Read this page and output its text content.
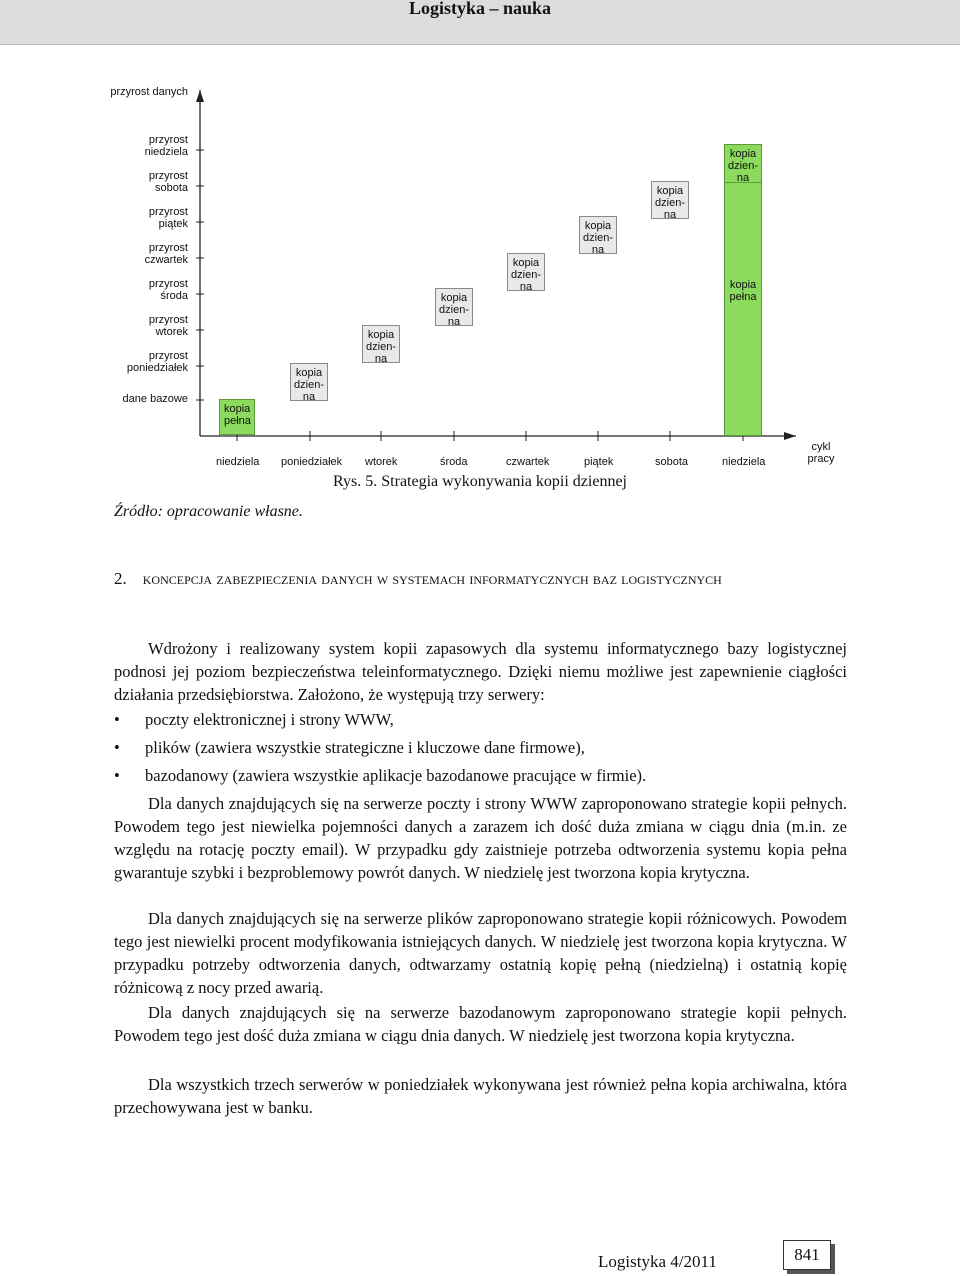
Logistyka – nauka
przyrost danych
przyrost
niedziela
przyrost
sobota
przyrost
piątek
przyrost
czwartek
przyrost
środa
przyrost
wtorek
przyrost
poniedziałek
dane bazowe
kopia
pełna
kopia
dzien-
na
kopia
dzien-
na
kopia
dzien-
na
kopia
dzien-
na
kopia
dzien-
na
kopia
dzien-
na
kopia
dzien-
na
kopia
pełna
niedziela poniedziałek wtorek	środa	czwartek	piątek	sobota	niedziela
cykl pracy
Rys. 5. Strategia wykonywania kopii dziennej
Źródło: opracowanie własne.
2. koncepcja zabezpieczenia danych w systemach informatycznych baz logistycznych
Wdrożony i realizowany system kopii zapasowych dla systemu informatycznego bazy logistycznej podnosi jej poziom bezpieczeństwa teleinformatycznego. Dzięki niemu możliwe jest zapewnienie ciągłości działania przedsiębiorstwa. Założono, że występują trzy serwery:
• poczty elektronicznej i strony WWW,
• plików (zawiera wszystkie strategiczne i kluczowe dane firmowe),
• bazodanowy (zawiera wszystkie aplikacje bazodanowe pracujące w firmie).
Dla danych znajdujących się na serwerze poczty i strony WWW zaproponowano strategie kopii pełnych. Powodem tego jest niewielka pojemności danych a zarazem ich dość duża zmiana w ciągu dnia (m.in. ze względu na rotację poczty email). W przypadku gdy zaistnieje potrzeba odtworzenia systemu kopia pełna gwarantuje szybki i bezproblemowy powrót danych. W niedzielę jest tworzona kopia krytyczna.
Dla danych znajdujących się na serwerze plików zaproponowano strategie kopii różnicowych. Powodem tego jest niewielki procent modyfikowania istniejących danych. W niedzielę jest tworzona kopia krytyczna. W przypadku potrzeby odtworzenia danych, odtwarzamy ostatnią kopię pełną (niedzielną) i ostatnią kopię różnicową z nocy przed awarią.
Dla danych znajdujących się na serwerze bazodanowym zaproponowano strategie kopii pełnych. Powodem tego jest dość duża zmiana w ciągu dnia danych. W niedzielę jest tworzona kopia krytyczna.
Dla wszystkich trzech serwerów w poniedziałek wykonywana jest również pełna kopia archiwalna, która przechowywana jest w banku.
Logistyka 4/2011	841
